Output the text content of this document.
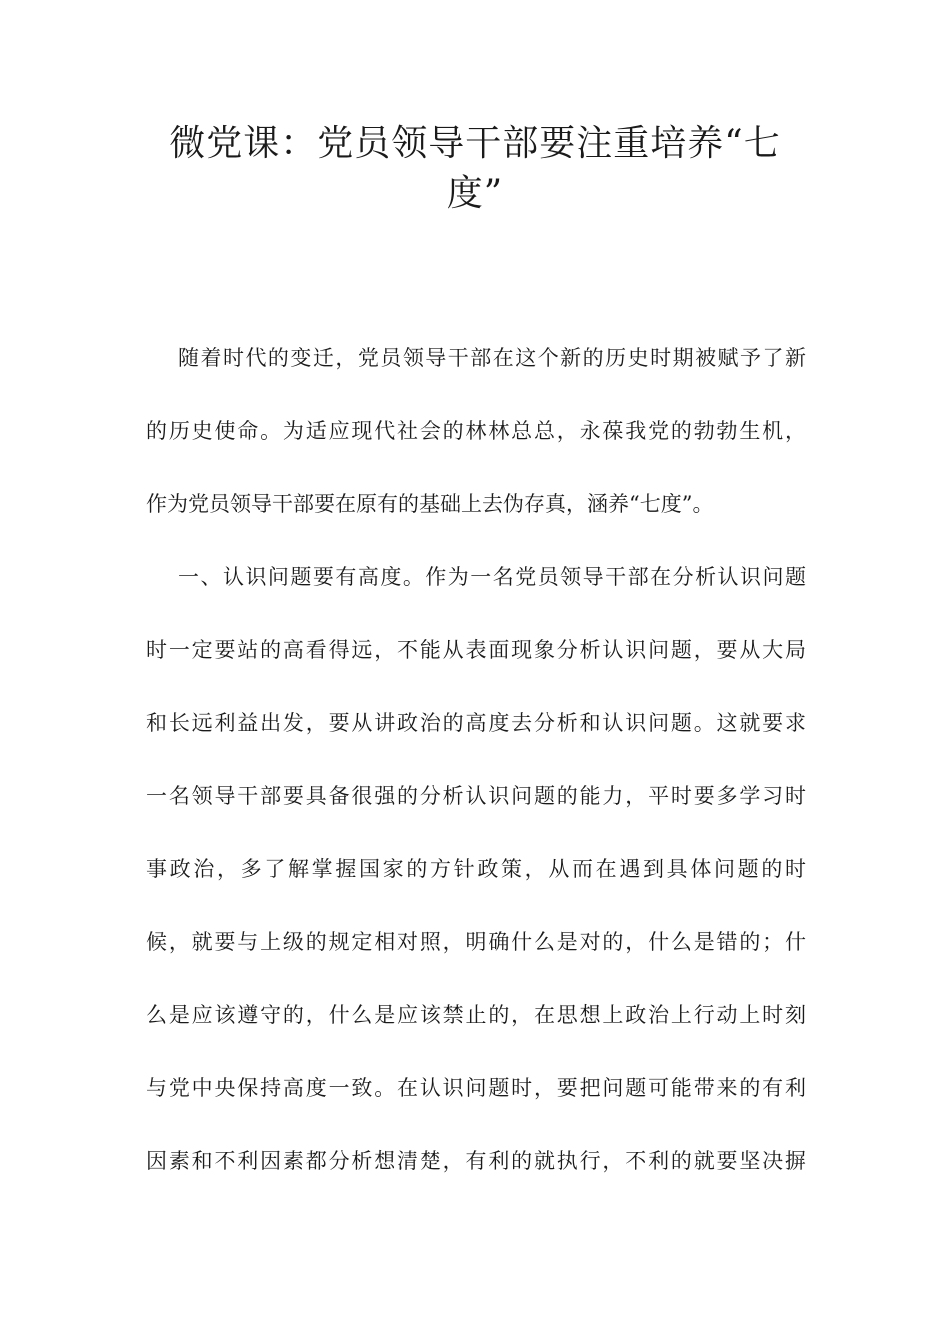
微党课：党员领导干部要注重培养“七
度”

随着时代的变迁，党员领导干部在这个新的历史时期被赋予了新

的历史使命。为适应现代社会的林林总总，永葆我党的勃勃生机，

作为党员领导干部要在原有的基础上去伪存真，涵养“七度”。

一、认识问题要有高度。作为一名党员领导干部在分析认识问题

时一定要站的高看得远，不能从表面现象分析认识问题，要从大局

和长远利益出发，要从讲政治的高度去分析和认识问题。这就要求

一名领导干部要具备很强的分析认识问题的能力，平时要多学习时

事政治，多了解掌握国家的方针政策，从而在遇到具体问题的时

候，就要与上级的规定相对照，明确什么是对的，什么是错的；什

么是应该遵守的，什么是应该禁止的，在思想上政治上行动上时刻

与党中央保持高度一致。在认识问题时，要把问题可能带来的有利

因素和不利因素都分析想清楚，有利的就执行，不利的就要坚决摒
